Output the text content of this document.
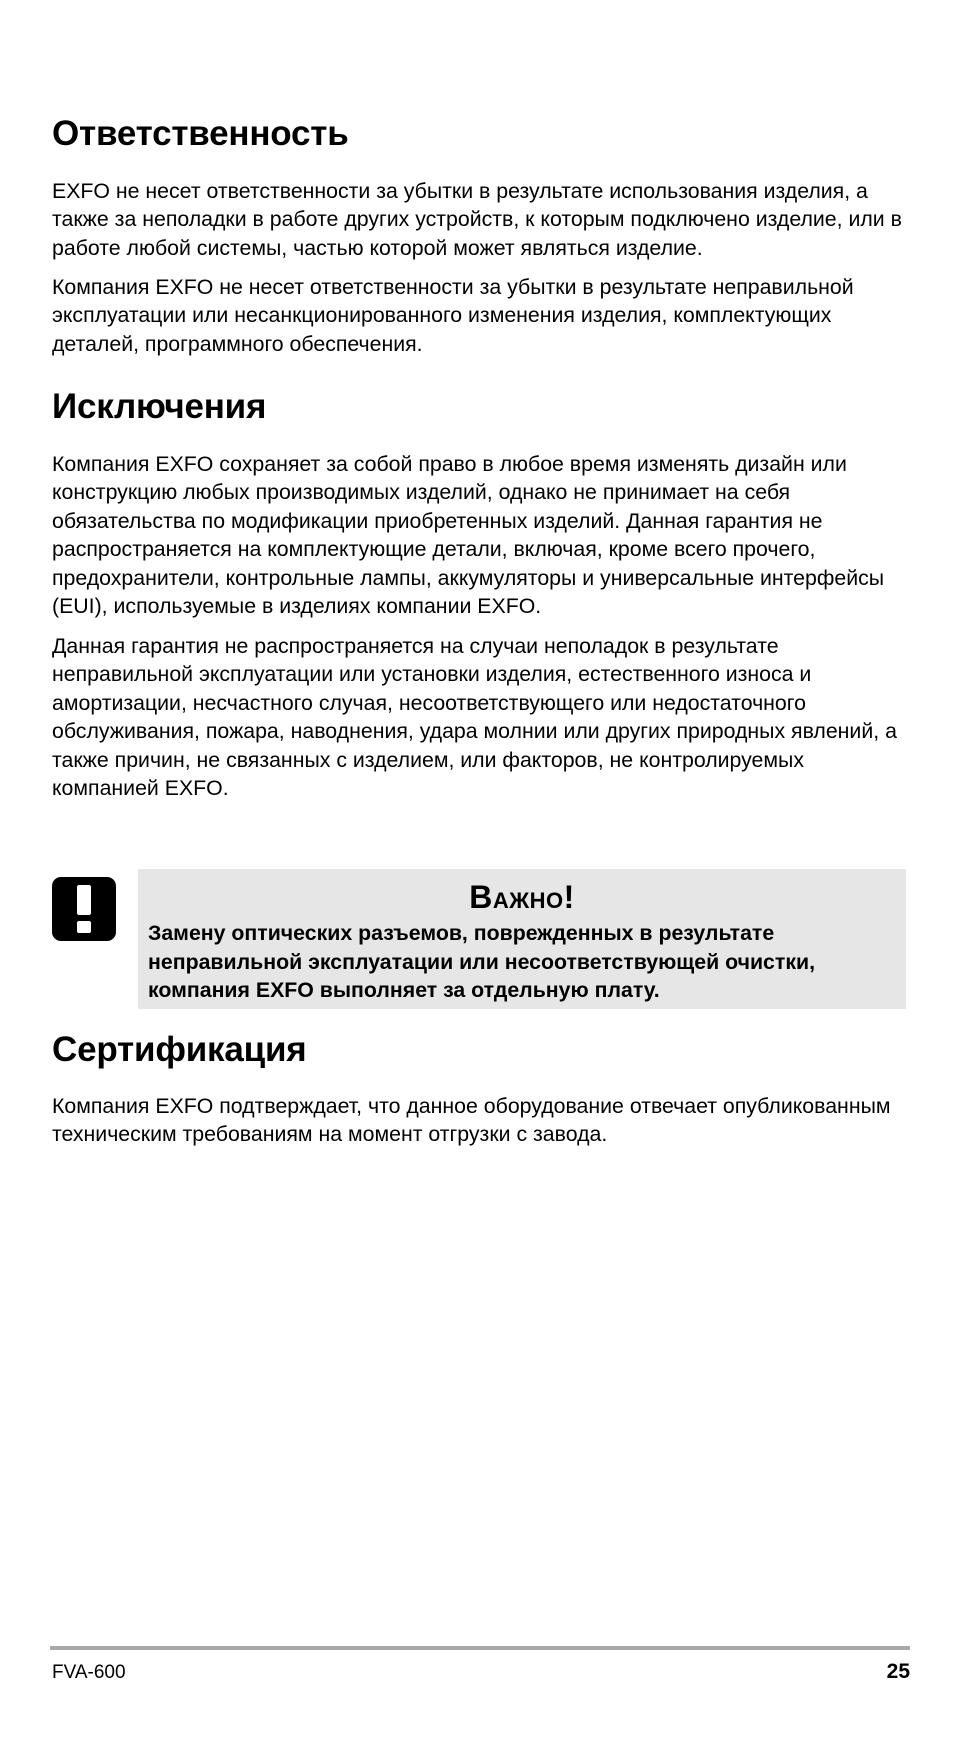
Ответственность

EXFO не несет ответственности за убытки в результате использования изделия, а также за неполадки в работе других устройств, к которым подключено изделие, или в работе любой системы, частью которой может являться изделие.

Компания EXFO не несет ответственности за убытки в результате неправильной эксплуатации или несанкционированного изменения изделия, комплектующих деталей, программного обеспечения.

Исключения

Компания EXFO сохраняет за собой право в любое время изменять дизайн или конструкцию любых производимых изделий, однако не принимает на себя обязательства по модификации приобретенных изделий. Данная гарантия не распространяется на комплектующие детали, включая, кроме всего прочего, предохранители, контрольные лампы, аккумуляторы и универсальные интерфейсы (EUI), используемые в изделиях компании EXFO.

Данная гарантия не распространяется на случаи неполадок в результате неправильной эксплуатации или установки изделия, естественного износа и амортизации, несчастного случая, несоответствующего или недостаточного обслуживания, пожара, наводнения, удара молнии или других природных явлений, а также причин, не связанных с изделием, или факторов, не контролируемых компанией EXFO.

Сертификация

Компания EXFO подтверждает, что данное оборудование отвечает опубликованным техническим требованиям на момент отгрузки с завода.

Важно!
Замену оптических разъемов, поврежденных в результате неправильной эксплуатации или несоответствующей очистки, компания EXFO выполняет за отдельную плату.
FVA-600	25
